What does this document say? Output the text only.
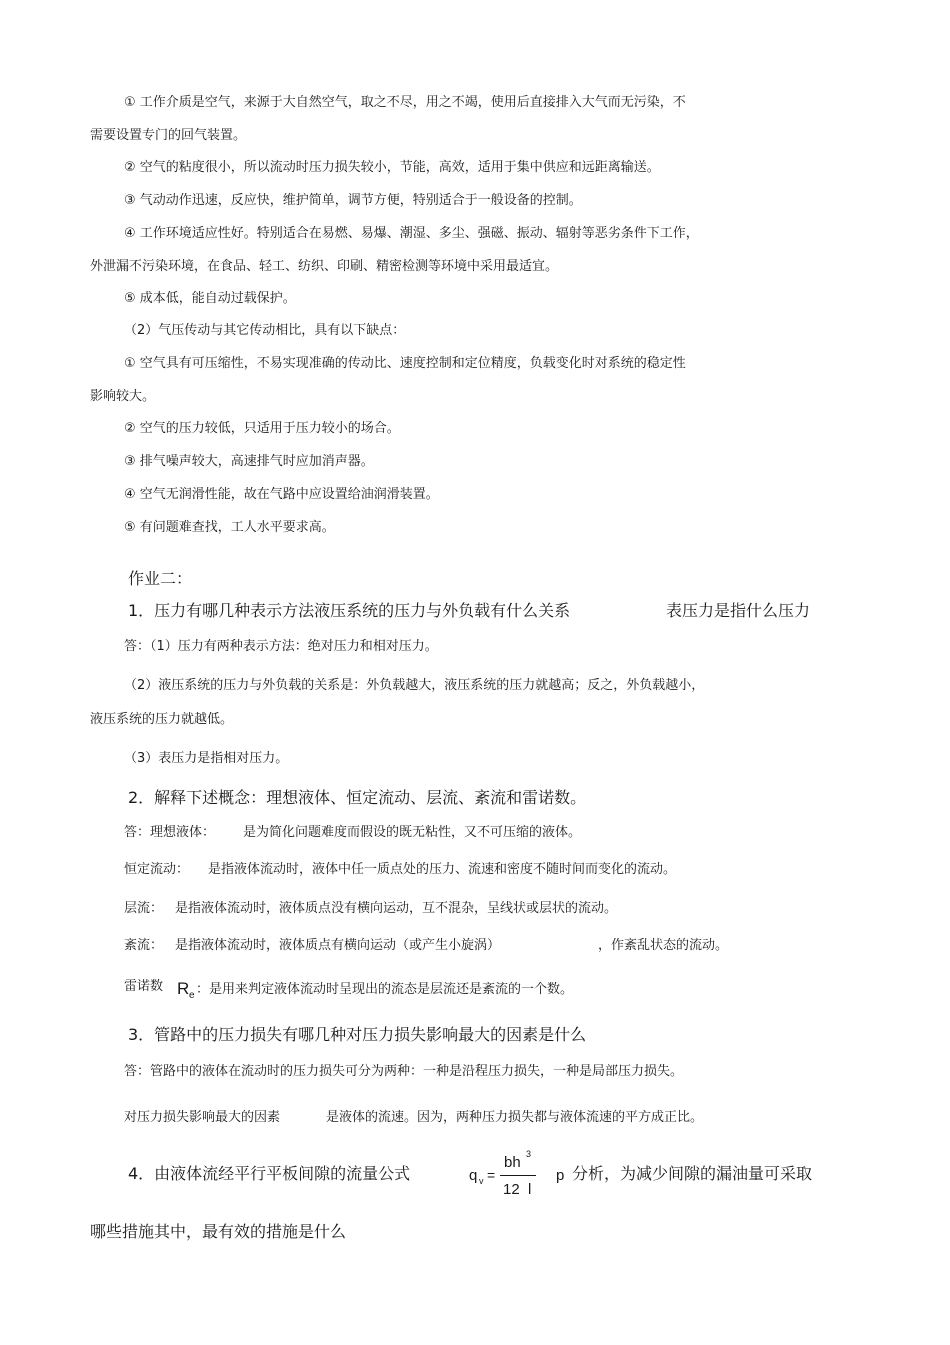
① 工作介质是空气，来源于大自然空气，取之不尽，用之不竭，使用后直接排入大气而无污染，不
需要设置专门的回气装置。
② 空气的粘度很小，所以流动时压力损失较小，节能，高效，适用于集中供应和远距离输送。
③ 气动动作迅速，反应快，维护简单，调节方便，特别适合于一般设备的控制。
④ 工作环境适应性好。特别适合在易燃、易爆、潮湿、多尘、强磁、振动、辐射等恶劣条件下工作，
外泄漏不污染环境，在食品、轻工、纺织、印刷、精密检测等环境中采用最适宜。
⑤ 成本低，能自动过载保护。
（2）气压传动与其它传动相比，具有以下缺点：
① 空气具有可压缩性，不易实现准确的传动比、速度控制和定位精度，负载变化时对系统的稳定性
影响较大。
② 空气的压力较低，只适用于压力较小的场合。
③ 排气噪声较大，高速排气时应加消声器。
④ 空气无润滑性能，故在气路中应设置给油润滑装置。
⑤ 有问题难查找，工人水平要求高。
作业二：
1．压力有哪几种表示方法液压系统的压力与外负载有什么关系	表压力是指什么压力
答：（1）压力有两种表示方法：绝对压力和相对压力。
（2）液压系统的压力与外负载的关系是：外负载越大，液压系统的压力就越高；反之，外负载越小，
液压系统的压力就越低。
（3）表压力是指相对压力。
2．解释下述概念：理想液体、恒定流动、层流、紊流和雷诺数。
答：理想液体： 是为简化问题难度而假设的既无粘性，又不可压缩的液体。
恒定流动： 是指液体流动时，液体中任一质点处的压力、流速和密度不随时间而变化的流动。
层流： 是指液体流动时，液体质点没有横向运动，互不混杂，呈线状或层状的流动。
紊流： 是指液体流动时，液体质点有横向运动（或产生小旋涡）	，作紊乱状态的流动。
雷诺数 R e ：是用来判定液体流动时呈现出的流态是层流还是紊流的一个数。
3．管路中的压力损失有哪几种对压力损失影响最大的因素是什么
答：管路中的液体在流动时的压力损失可分为两种：一种是沿程压力损失，一种是局部压力损失。
对压力损失影响最大的因素	是液体的流速。因为，两种压力损失都与液体流速的平方成正比。
4．由液体流经平行平板间隙的流量公式	q v =
bh 3
12  l
p 分析，为减少间隙的漏油量可采取
哪些措施其中，最有效的措施是什么
